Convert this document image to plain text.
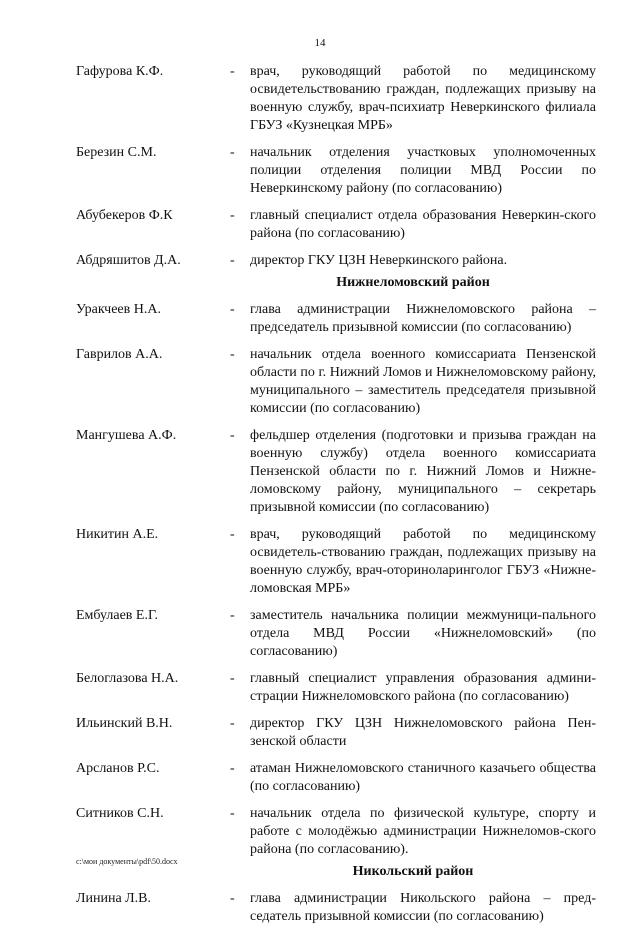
14
Гафурова К.Ф.	-	врач, руководящий работой по медицинскому освидетельствованию граждан, подлежащих призыву на военную службу, врач-психиатр Неверкинского филиала ГБУЗ «Кузнецкая МРБ»
Березин С.М.	-	начальник отделения участковых уполномоченных полиции отделения полиции МВД России по Неверкинскому району (по согласованию)
Абубекеров Ф.К	-	главный специалист отдела образования Неверкин-ского района (по согласованию)
Абдряшитов Д.А.	-	директор ГКУ ЦЗН Неверкинского района.
Нижнеломовский район
Уракчеев Н.А.	-	глава администрации Нижнеломовского района – председатель призывной комиссии (по согласованию)
Гаврилов А.А.	-	начальник отдела военного комиссариата Пензенской области по г. Нижний Ломов и Нижнеломовскому району, муниципального – заместитель председателя призывной комиссии (по согласованию)
Мангушева А.Ф.	-	фельдшер отделения (подготовки и призыва граждан на военную службу) отдела военного комиссариата Пензенской области по г. Нижний Ломов и Нижне-ломовскому району, муниципального – секретарь призывной комиссии (по согласованию)
Никитин А.Е.	-	врач, руководящий работой по медицинскому освидетель-ствованию граждан, подлежащих призыву на военную службу, врач-оториноларинголог ГБУЗ «Нижне-ломовская МРБ»
Ембулаев Е.Г.	-	заместитель начальника полиции межмуници-пального отдела МВД России «Нижнеломовский» (по согласованию)
Белоглазова Н.А.	-	главный специалист управления образования админи-страции Нижнеломовского района (по согласованию)
Ильинский В.Н.	-	директор ГКУ ЦЗН Нижнеломовского района Пен-зенской области
Арсланов Р.С.	-	атаман Нижнеломовского станичного казачьего общества (по согласованию)
Ситников С.Н.	-	начальник отдела по физической культуре, спорту и работе с молодёжью администрации Нижнеломов-ского района (по согласованию).
Никольский район
Линина Л.В.	-	глава администрации Никольского района – пред-седатель призывной комиссии (по согласованию)
c:\мои документы\pdf\50.docx
